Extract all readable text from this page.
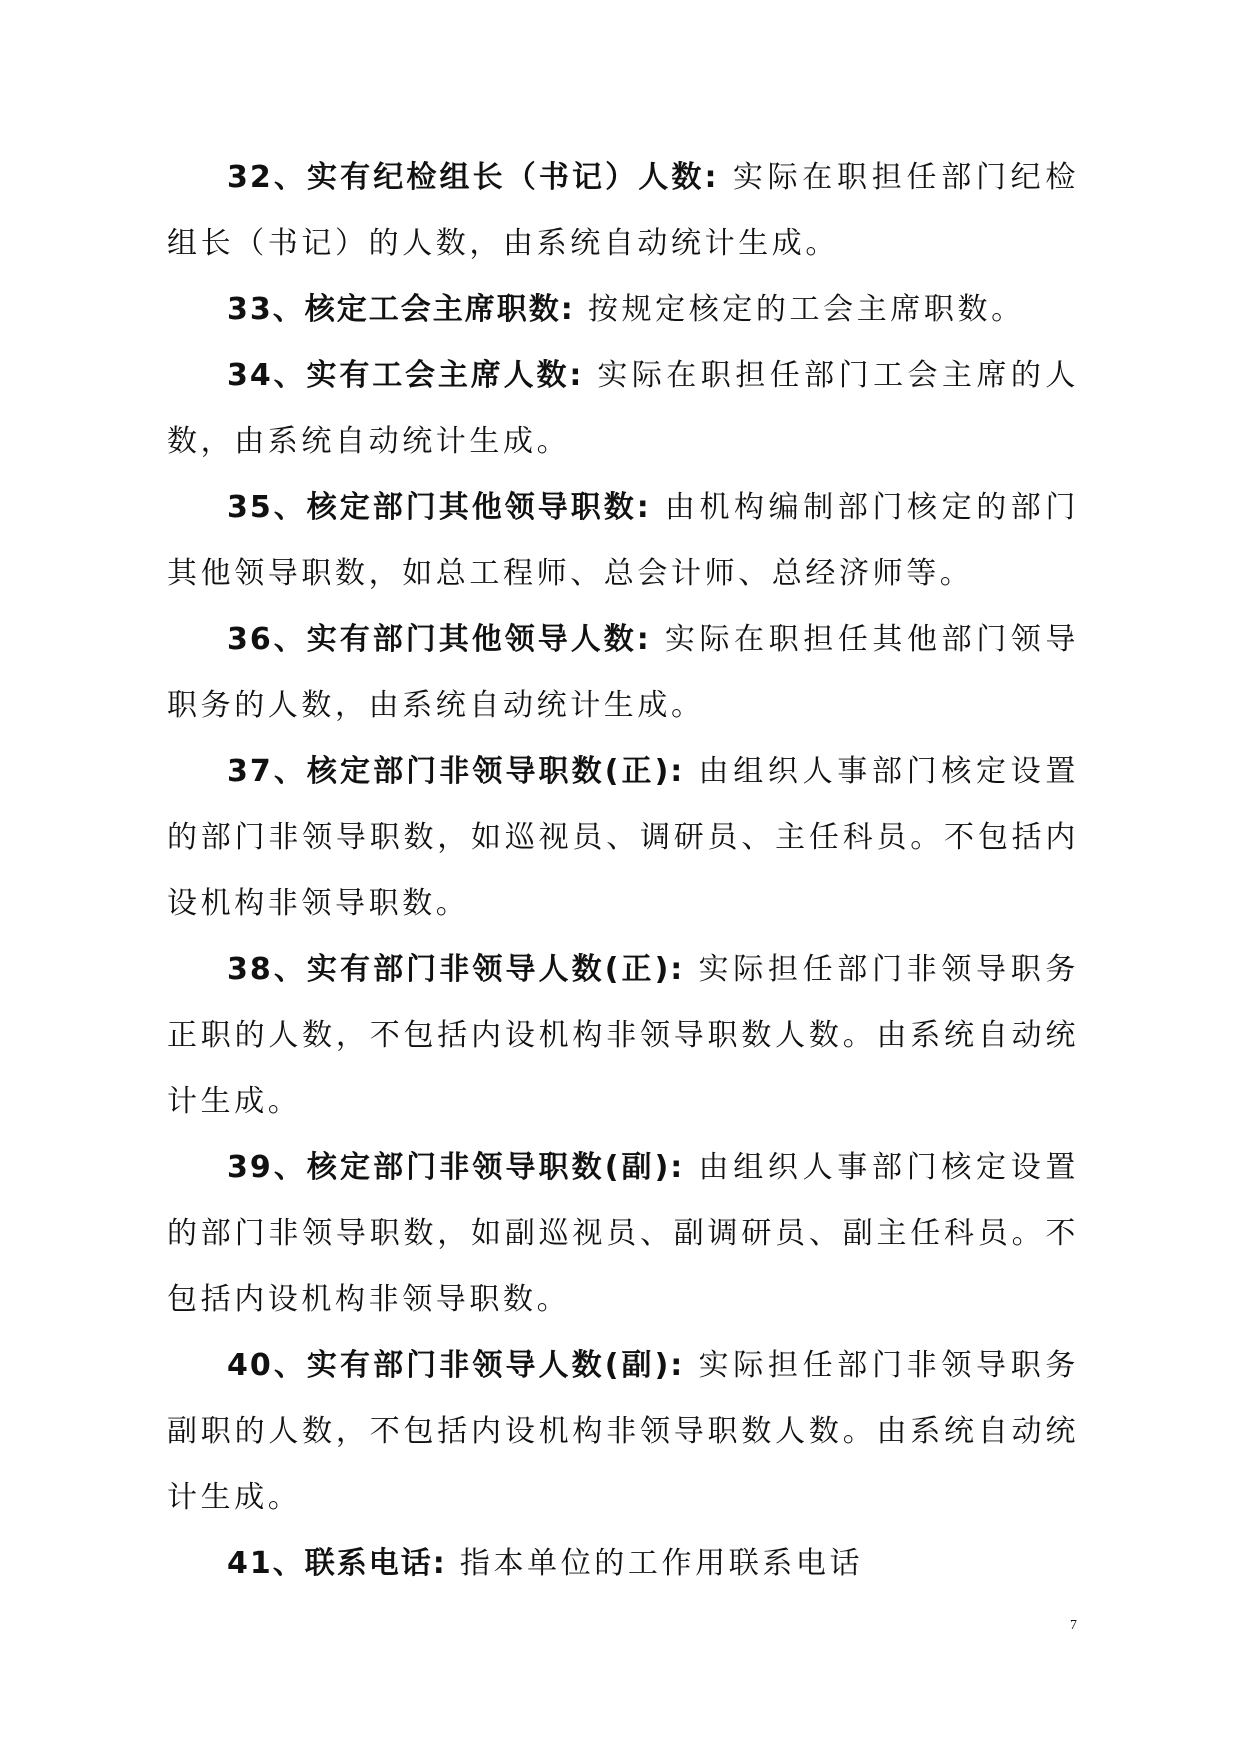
32、实有纪检组长（书记）人数: 实际在职担任部门纪检组长（书记）的人数，由系统自动统计生成。

33、核定工会主席职数: 按规定核定的工会主席职数。

34、实有工会主席人数: 实际在职担任部门工会主席的人数，由系统自动统计生成。

35、核定部门其他领导职数: 由机构编制部门核定的部门其他领导职数，如总工程师、总会计师、总经济师等。

36、实有部门其他领导人数: 实际在职担任其他部门领导职务的人数，由系统自动统计生成。

37、核定部门非领导职数(正): 由组织人事部门核定设置的部门非领导职数，如巡视员、调研员、主任科员。不包括内设机构非领导职数。

38、实有部门非领导人数(正): 实际担任部门非领导职务正职的人数，不包括内设机构非领导职数人数。由系统自动统计生成。

39、核定部门非领导职数(副): 由组织人事部门核定设置的部门非领导职数，如副巡视员、副调研员、副主任科员。不包括内设机构非领导职数。

40、实有部门非领导人数(副): 实际担任部门非领导职务副职的人数，不包括内设机构非领导职数人数。由系统自动统计生成。

41、联系电话: 指本单位的工作用联系电话

7
